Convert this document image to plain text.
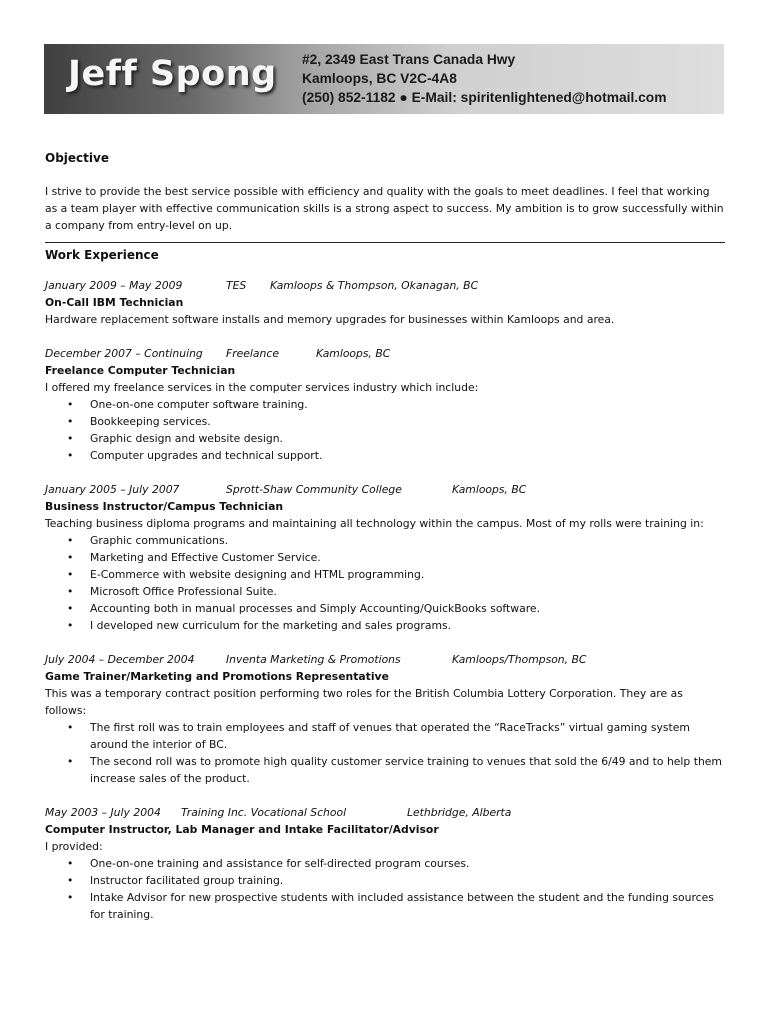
Jeff Spong #2, 2349 East Trans Canada Hwy
Kamloops, BC V2C-4A8
(250) 852-1182 ● E-Mail: spiritenlightened@hotmail.com
Objective
I strive to provide the best service possible with efficiency and quality with the goals to meet deadlines. I feel that working as a team player with effective communication skills is a strong aspect to success. My ambition is to grow successfully within a company from entry-level on up.
Work Experience
January 2009 – May 2009	TES Kamloops & Thompson, Okanagan, BC
On-Call IBM Technician
Hardware replacement software installs and memory upgrades for businesses within Kamloops and area.
December 2007 – Continuing Freelance	Kamloops, BC
Freelance Computer Technician
I offered my freelance services in the computer services industry which include:
• One-on-one computer software training.
• Bookkeeping services.
• Graphic design and website design.
• Computer upgrades and technical support.
January 2005 – July 2007	Sprott-Shaw Community College	Kamloops, BC
Business Instructor/Campus Technician
Teaching business diploma programs and maintaining all technology within the campus. Most of my rolls were training in:
• Graphic communications.
• Marketing and Effective Customer Service.
• E-Commerce with website designing and HTML programming.
• Microsoft Office Professional Suite.
• Accounting both in manual processes and Simply Accounting/QuickBooks software.
• I developed new curriculum for the marketing and sales programs.
July 2004 – December 2004	Inventa Marketing & Promotions	Kamloops/Thompson, BC
Game Trainer/Marketing and Promotions Representative
This was a temporary contract position performing two roles for the British Columbia Lottery Corporation. They are as follows:
• The first roll was to train employees and staff of venues that operated the “RaceTracks” virtual gaming system around the interior of BC.
• The second roll was to promote high quality customer service training to venues that sold the 6/49 and to help them increase sales of the product.
May 2003 – July 2004 Training Inc. Vocational School	Lethbridge, Alberta
Computer Instructor, Lab Manager and Intake Facilitator/Advisor
I provided:
• One-on-one training and assistance for self-directed program courses.
• Instructor facilitated group training.
• Intake Advisor for new prospective students with included assistance between the student and the funding sources for training.
